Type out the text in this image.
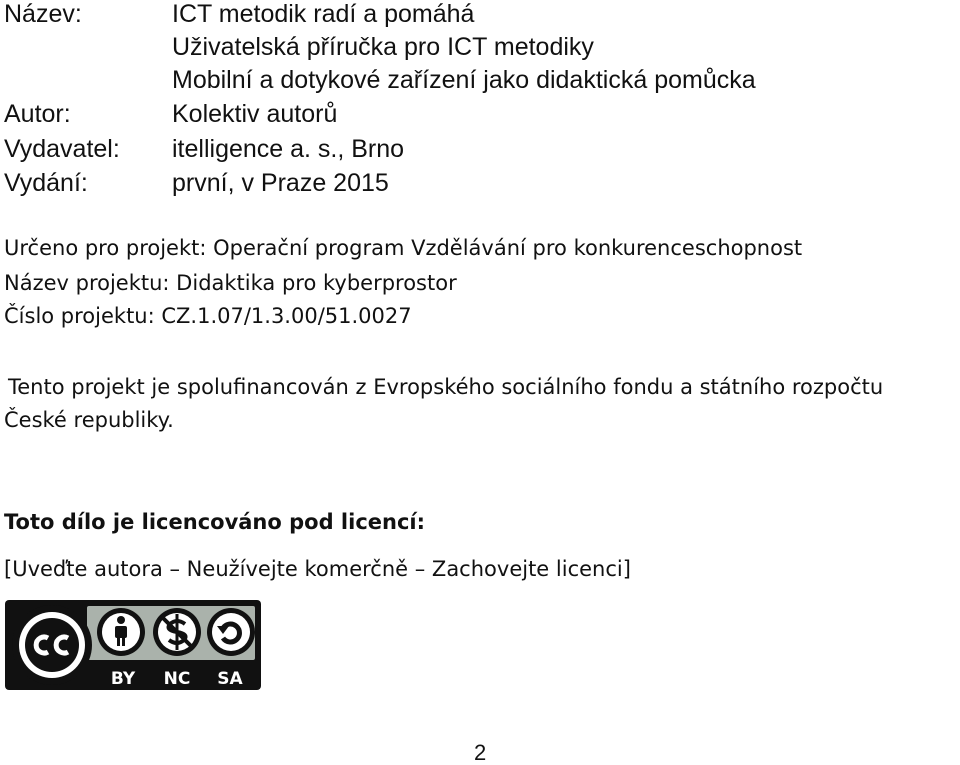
Název:	ICT metodik radí a pomáhá
Uživatelská příručka pro ICT metodiky
Mobilní a dotykové zařízení jako didaktická pomůcka
Autor:	Kolektiv autorů
Vydavatel: itelligence a. s., Brno
Vydání:	první, v Praze 2015
Určeno pro projekt: Operační program Vzdělávání pro konkurenceschopnost
Název projektu: Didaktika pro kyberprostor
Číslo projektu: CZ.1.07/1.3.00/51.0027
Tento projekt je spolufinancován z Evropského sociálního fondu a státního rozpočtu
České republiky.
Toto dílo je licencováno pod licencí:
[Uveďte autora – Neužívejte komerčně – Zachovejte licenci]
BY NC SA
2
